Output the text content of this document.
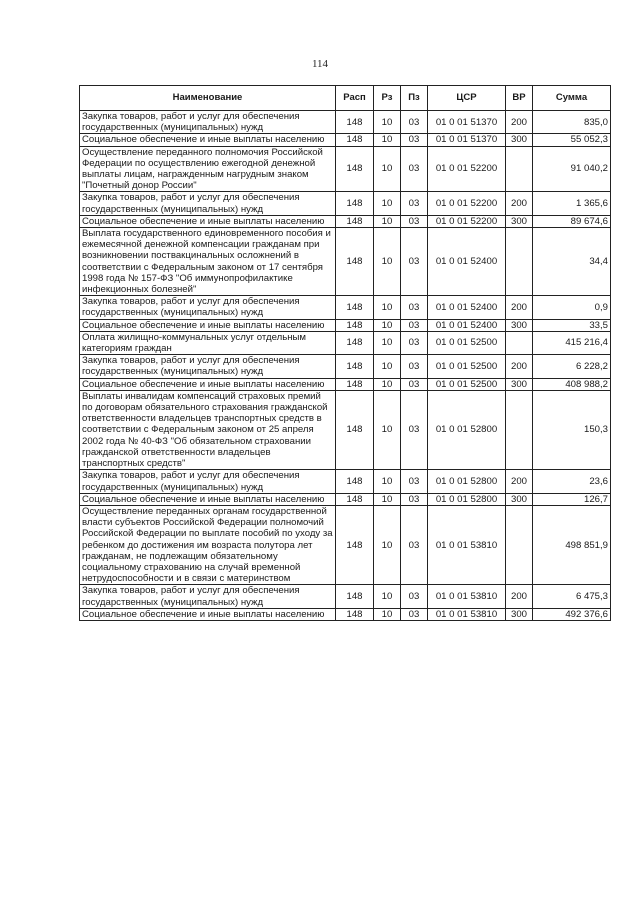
114
Наименование	Расп	Рз	Пз	ЦСР	ВР	Сумма
Закупка товаров, работ и услуг для обеспечения государственных (муниципальных) нужд	148	10	03	01 0 01 51370	200	835,0
Социальное обеспечение и иные выплаты населению	148	10	03	01 0 01 51370	300	55 052,3
Осуществление переданного полномочия Российской Федерации по осуществлению ежегодной денежной выплаты лицам, награжденным нагрудным знаком "Почетный донор России"	148	10	03	01 0 01 52200		91 040,2
Закупка товаров, работ и услуг для обеспечения государственных (муниципальных) нужд	148	10	03	01 0 01 52200	200	1 365,6
Социальное обеспечение и иные выплаты населению	148	10	03	01 0 01 52200	300	89 674,6
Выплата государственного единовременного пособия и ежемесячной денежной компенсации гражданам при возникновении поствакцинальных осложнений в соответствии с Федеральным законом от 17 сентября 1998 года № 157-ФЗ "Об иммунопрофилактике инфекционных болезней"	148	10	03	01 0 01 52400		34,4
Закупка товаров, работ и услуг для обеспечения государственных (муниципальных) нужд	148	10	03	01 0 01 52400	200	0,9
Социальное обеспечение и иные выплаты населению	148	10	03	01 0 01 52400	300	33,5
Оплата жилищно-коммунальных услуг отдельным категориям граждан	148	10	03	01 0 01 52500		415 216,4
Закупка товаров, работ и услуг для обеспечения государственных (муниципальных) нужд	148	10	03	01 0 01 52500	200	6 228,2
Социальное обеспечение и иные выплаты населению	148	10	03	01 0 01 52500	300	408 988,2
Выплаты инвалидам компенсаций страховых премий по договорам обязательного страхования гражданской ответственности владельцев транспортных средств в соответствии с Федеральным законом от 25 апреля 2002 года № 40-ФЗ "Об обязательном страховании гражданской ответственности владельцев транспортных средств"	148	10	03	01 0 01 52800		150,3
Закупка товаров, работ и услуг для обеспечения государственных (муниципальных) нужд	148	10	03	01 0 01 52800	200	23,6
Социальное обеспечение и иные выплаты населению	148	10	03	01 0 01 52800	300	126,7
Осуществление переданных органам государственной власти субъектов Российской Федерации полномочий Российской Федерации по выплате пособий по уходу за ребенком до достижения им возраста полутора лет гражданам, не подлежащим обязательному социальному страхованию на случай временной нетрудоспособности и в связи с материнством	148	10	03	01 0 01 53810		498 851,9
Закупка товаров, работ и услуг для обеспечения государственных (муниципальных) нужд	148	10	03	01 0 01 53810	200	6 475,3
Социальное обеспечение и иные выплаты населению	148	10	03	01 0 01 53810	300	492 376,6
